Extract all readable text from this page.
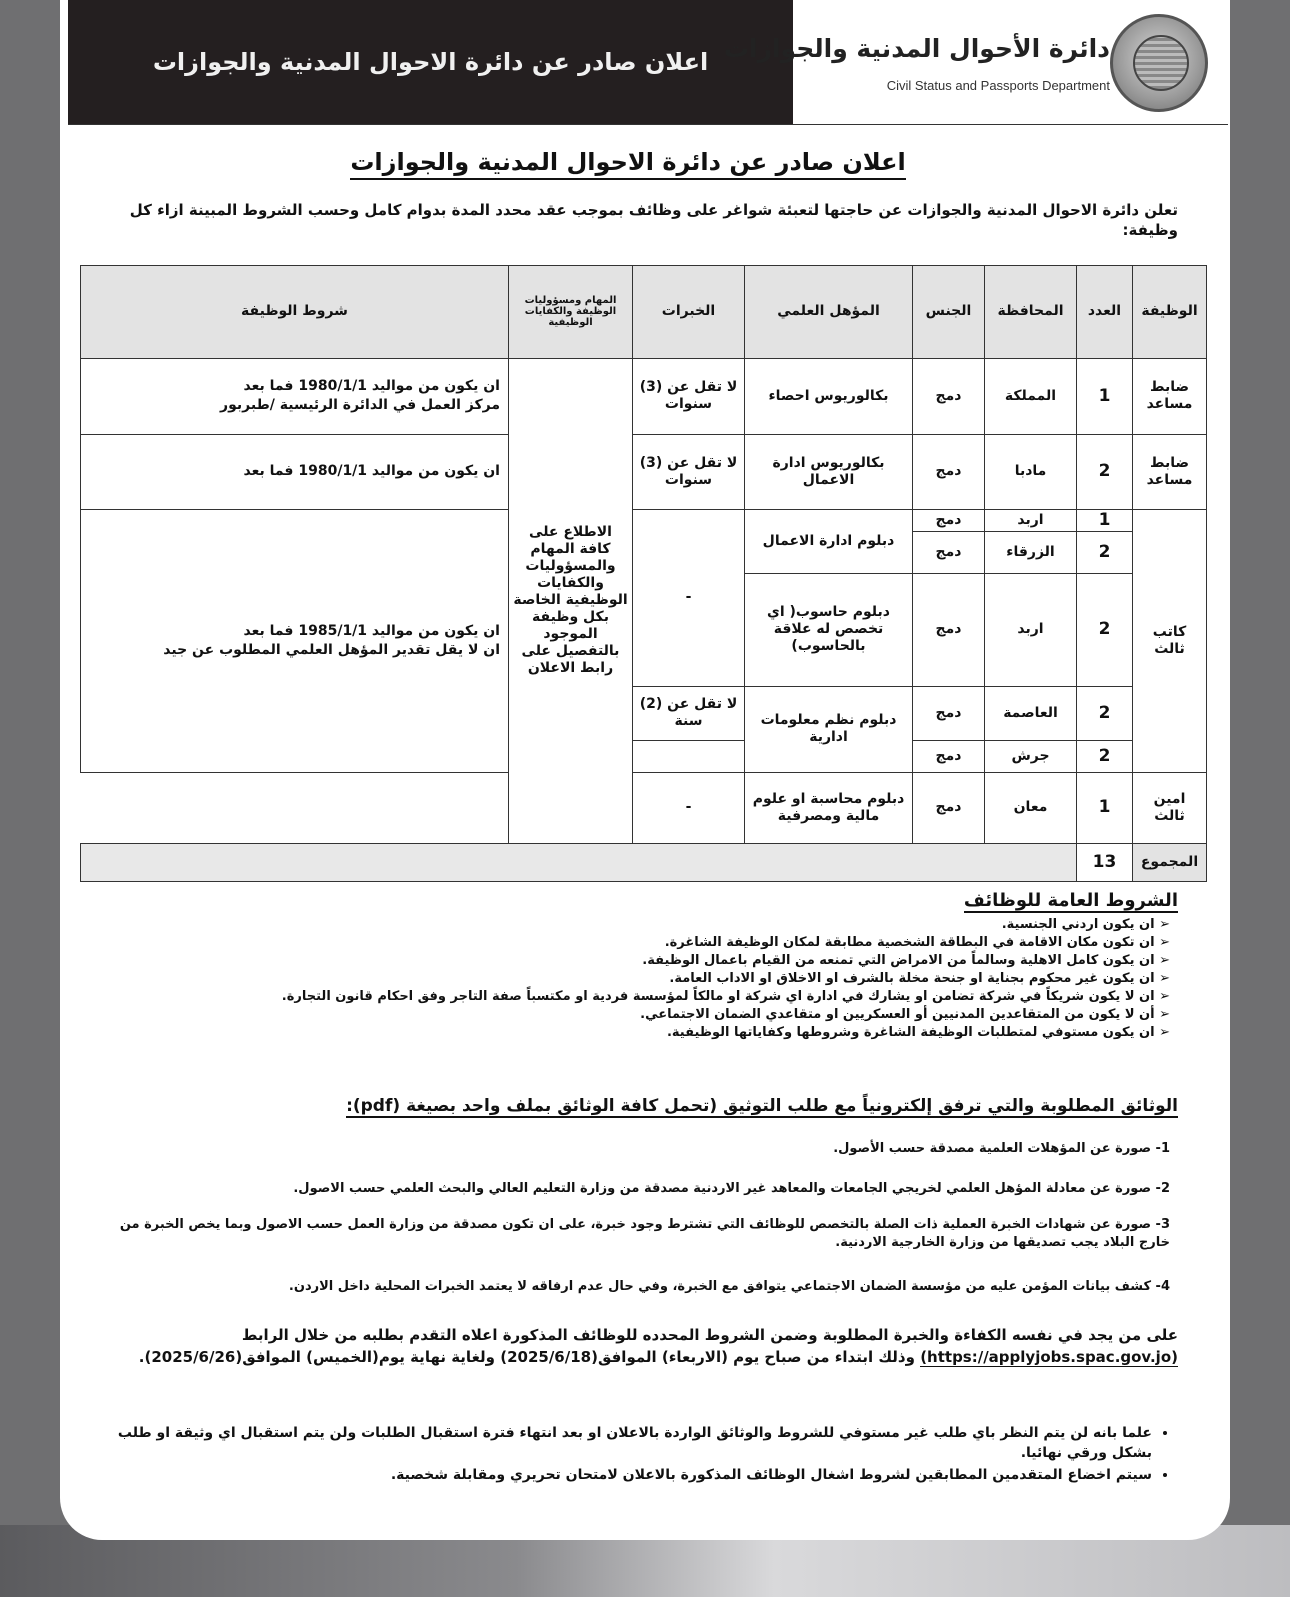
اعلان صادر عن دائرة الاحوال المدنية والجوازات دائرة الأحوال المدنية والجوازات
Civil Status and Passports Department
اعلان صادر عن دائرة الاحوال المدنية والجوازات
تعلن دائرة الاحوال المدنية والجوازات عن حاجتها لتعبئة شواغر على وظائف بموجب عقد محدد المدة بدوام كامل وحسب الشروط المبينة ازاء كل وظيفة:
الوظيفة	العدد	المحافظة	الجنس	المؤهل العلمي	الخبرات	المهام ومسؤوليات الوظيفة والكفايات الوظيفية	شروط الوظيفة
ضابط مساعد	1	المملكة	دمج	بكالوريوس احصاء	لا تقل عن (3) سنوات	الاطلاع على كافة المهام والمسؤوليات والكفايات الوظيفية الخاصة بكل وظيفة الموجود بالتفصيل على رابط الاعلان	ان يكون من مواليد 1980/1/1 فما بعد
مركز العمل في الدائرة الرئيسية /طبربور

ضابط مساعد	2	مادبا	دمج	بكالوريوس ادارة الاعمال	لا تقل عن (3) سنوات		ان يكون من مواليد 1980/1/1 فما بعد

كاتب ثالث	1	اربد	دمج	دبلوم ادارة الاعمال	-		ان يكون من مواليد 1985/1/1 فما بعد
ان لا يقل تقدير المؤهل العلمي المطلوب عن جيد

	2	الزرقاء	دمج				
	2	اربد	دمج	دبلوم حاسوب( اي تخصص له علاقة بالحاسوب)			
	2	العاصمة	دمج	دبلوم نظم معلومات ادارية	لا تقل عن (2) سنة		
	2	جرش	دمج				
امين ثالث	1	معان	دمج	دبلوم محاسبة او علوم مالية ومصرفية	-		
المجموع	13						
الشروط العامة للوظائف
➢ ان يكون اردني الجنسية.
➢ ان تكون مكان الاقامة في البطاقة الشخصية مطابقة لمكان الوظيفة الشاغرة.
➢ ان يكون كامل الاهلية وسالماً من الامراض التي تمنعه من القيام باعمال الوظيفة.
➢ ان يكون غير محكوم بجناية او جنحة مخلة بالشرف او الاخلاق او الاداب العامة.
➢ ان لا يكون شريكاً في شركة تضامن او يشارك في ادارة اي شركة او مالكاً لمؤسسة فردية او مكتسباً صفة التاجر وفق احكام قانون التجارة.
➢ أن لا يكون من المتقاعدين المدنيين أو العسكريين او متقاعدي الضمان الاجتماعي.
➢ ان يكون مستوفي لمتطلبات الوظيفة الشاغرة وشروطها وكفاياتها الوظيفية.
الوثائق المطلوبة والتي ترفق إلكترونياً مع طلب التوثيق (تحمل كافة الوثائق بملف واحد بصيغة (pdf):
1- صورة عن المؤهلات العلمية مصدقة حسب الأصول.
2- صورة عن معادلة المؤهل العلمي لخريجي الجامعات والمعاهد غير الاردنية مصدقة من وزارة التعليم العالي والبحث العلمي حسب الاصول.
3- صورة عن شهادات الخبرة العملية ذات الصلة بالتخصص للوظائف التي تشترط وجود خبرة، على ان تكون مصدقة من وزارة العمل حسب الاصول وبما يخص الخبرة من خارج البلاد يجب تصديقها من وزارة الخارجية الاردنية.
4- كشف بيانات المؤمن عليه من مؤسسة الضمان الاجتماعي يتوافق مع الخبرة، وفي حال عدم ارفاقه لا يعتمد الخبرات المحلية داخل الاردن.
على من يجد في نفسه الكفاءة والخبرة المطلوبة وضمن الشروط المحدده للوظائف المذكورة اعلاه التقدم بطلبه من خلال الرابط (https://applyjobs.spac.gov.jo) وذلك ابتداء من صباح يوم (الاربعاء) الموافق(2025/6/18) ولغاية نهاية يوم(الخميس) الموافق(2025/6/26).
• علما بانه لن يتم النظر باي طلب غير مستوفي للشروط والوثائق الواردة بالاعلان او بعد انتهاء فترة استقبال الطلبات ولن يتم استقبال اي وثيقة او طلب بشكل ورقي نهائيا.
• سيتم اخضاع المتقدمين المطابقين لشروط اشغال الوظائف المذكورة بالاعلان لامتحان تحريري ومقابلة شخصية.
